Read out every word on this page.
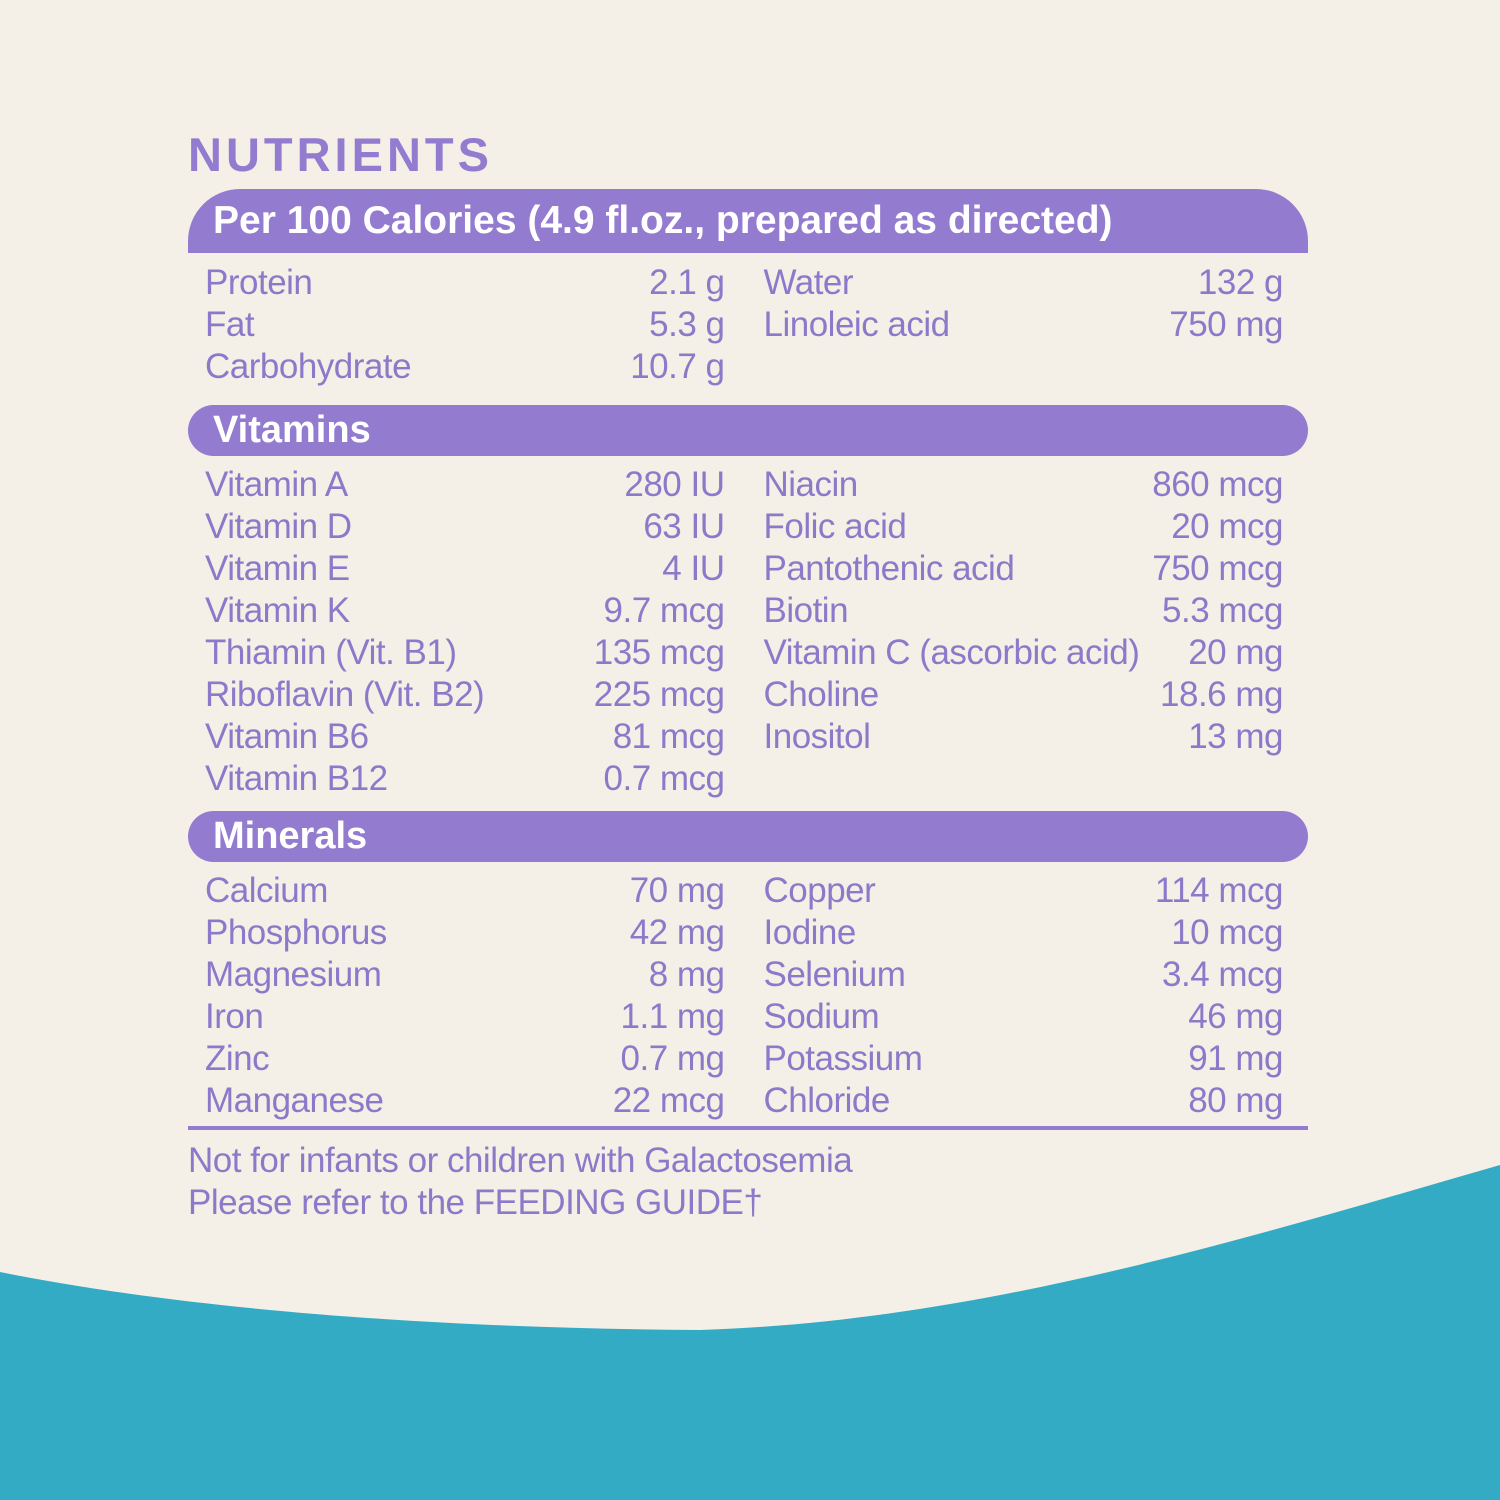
NUTRIENTS
Per 100 Calories (4.9 fl.oz., prepared as directed)
Protein	2.1 g
Fat	5.3 g
Carbohydrate	10.7 g
Water	132 g
Linoleic acid	750 mg
Vitamins
Vitamin A	280 IU
Vitamin D	63 IU
Vitamin E	4 IU
Vitamin K	9.7 mcg
Thiamin (Vit. B1)	135 mcg
Riboflavin (Vit. B2)	225 mcg
Vitamin B6	81 mcg
Vitamin B12	0.7 mcg
Niacin	860 mcg
Folic acid	20 mcg
Pantothenic acid	750 mcg
Biotin	5.3 mcg
Vitamin C (ascorbic acid) 20 mg
Choline	18.6 mg
Inositol	13 mg
Minerals
Calcium	70 mg
Phosphorus	42 mg
Magnesium	8 mg
Iron	1.1 mg
Zinc	0.7 mg
Manganese	22 mcg
Copper	114 mcg
Iodine	10 mcg
Selenium	3.4 mcg
Sodium	46 mg
Potassium	91 mg
Chloride	80 mg
Not for infants or children with Galactosemia
Please refer to the FEEDING GUIDE†
